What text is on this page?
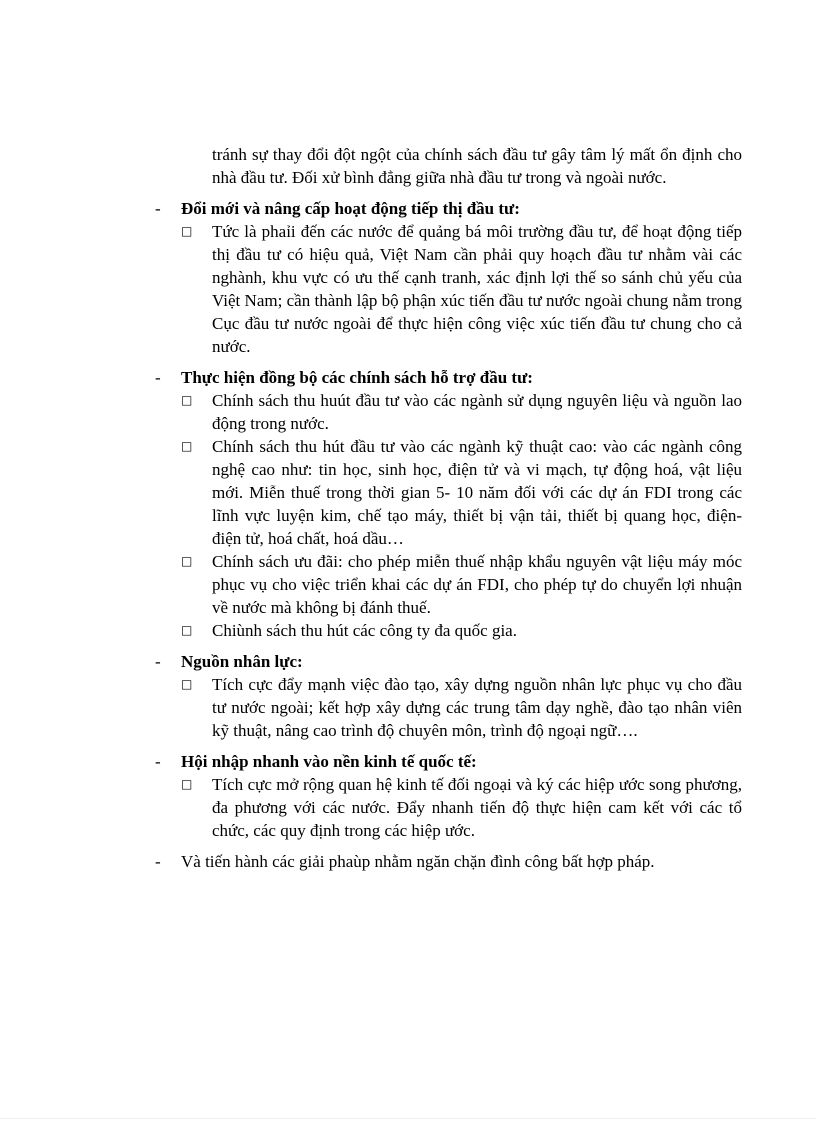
tránh sự thay đổi đột ngột của chính sách đầu tư gây tâm lý mất ổn định cho nhà đầu tư. Đối xử bình đẳng giữa nhà đầu tư trong và ngoài nước.
-	Đổi mới và nâng cấp hoạt động tiếp thị đầu tư:
□	Tức là phaỉi đến các nước để quảng bá môi trường đầu tư, để hoạt động tiếp thị đầu tư có hiệu quả, Việt Nam cần phải quy hoạch đầu tư nhằm vài các nghành, khu vực có ưu thế cạnh tranh, xác định lợi thế so sánh chủ yếu của Việt Nam; cần thành lập bộ phận xúc tiến đầu tư nước ngoài chung nằm trong Cục đầu tư nước ngoài để thực hiện công việc xúc tiến đầu tư chung cho cả nước.
-	Thực hiện đồng bộ các chính sách hỗ trợ đầu tư:
□	Chính sách thu huút đầu tư vào các ngành sử dụng nguyên liệu và nguồn lao động trong nước.
□	Chính sách thu hút đầu tư vào các ngành kỹ thuật cao: vào các ngành công nghệ cao như: tin học, sinh học, điện tử và vi mạch, tự động hoá, vật liệu mới. Miễn thuế trong thời gian 5- 10 năm đối với các dự án FDI trong các lĩnh vực luyện kim, chế tạo máy, thiết bị vận tải, thiết bị quang học, điện- điện tử, hoá chất, hoá dầu…
□	Chính sách ưu đãi: cho phép miễn thuế nhập khẩu nguyên vật liệu máy móc phục vụ cho việc triển khai các dự án FDI, cho phép tự do chuyển lợi nhuận về nước mà không bị đánh thuế.
□	Chiùnh sách thu hút các công ty đa quốc gia.
-	Nguồn nhân lực:
□	Tích cực đẩy mạnh việc đào tạo, xây dựng nguồn nhân lực phục vụ cho đầu tư nước ngoài; kết hợp xây dựng các trung tâm dạy nghề, đào tạo nhân viên kỹ thuật, nâng cao trình độ chuyên môn, trình độ ngoại ngữ….
-	Hội nhập nhanh vào nền kinh tế quốc tế:
□	Tích cực mở rộng quan hệ kinh tế đối ngoại và ký các hiệp ước song phương, đa phương với các nước. Đẩy nhanh tiến độ thực hiện cam kết với các tổ chức, các quy định trong các hiệp ước.
-	Và tiến hành các giải phaùp nhằm ngăn chặn đình công bất hợp pháp.
